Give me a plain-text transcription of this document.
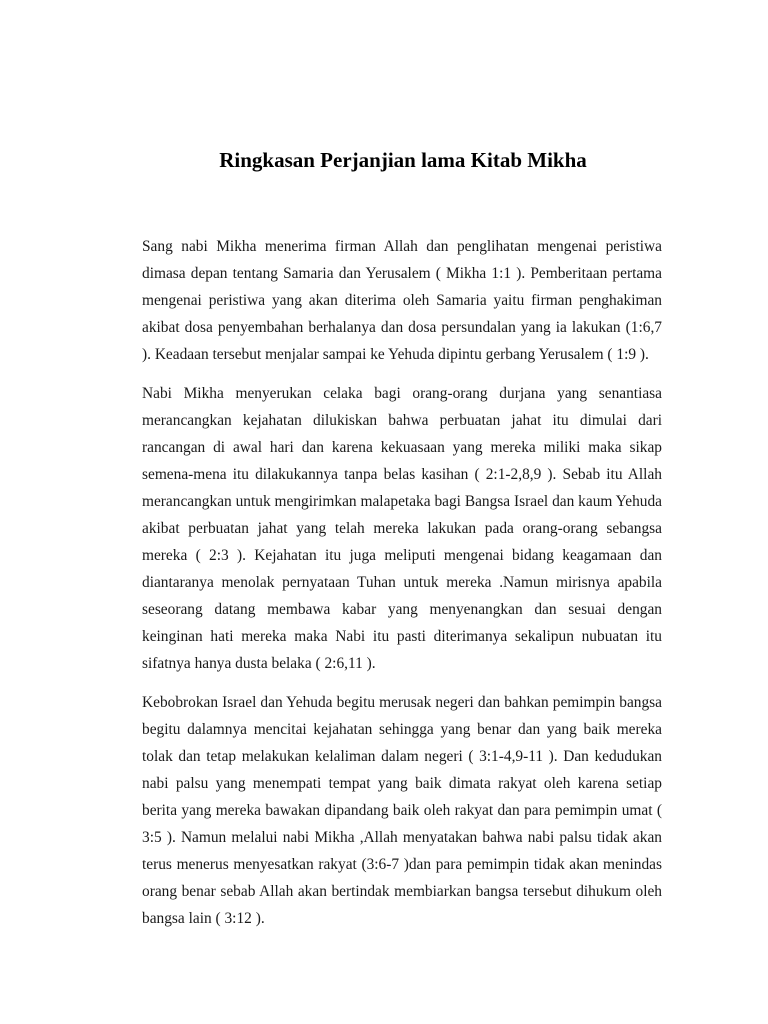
Ringkasan Perjanjian lama Kitab Mikha

Sang nabi Mikha menerima firman Allah dan penglihatan mengenai peristiwa dimasa depan tentang Samaria dan Yerusalem ( Mikha 1:1 ). Pemberitaan pertama mengenai peristiwa yang akan diterima oleh Samaria yaitu firman penghakiman akibat dosa penyembahan berhalanya dan dosa persundalan yang ia lakukan (1:6,7 ). Keadaan tersebut menjalar sampai ke Yehuda dipintu gerbang Yerusalem ( 1:9 ).

Nabi Mikha menyerukan celaka bagi orang-orang durjana yang senantiasa merancangkan kejahatan dilukiskan bahwa perbuatan jahat itu dimulai dari rancangan di awal hari dan karena kekuasaan yang mereka miliki maka sikap semena-mena itu dilakukannya tanpa belas kasihan ( 2:1-2,8,9 ). Sebab itu Allah merancangkan untuk mengirimkan malapetaka bagi Bangsa Israel dan kaum Yehuda akibat perbuatan jahat yang telah mereka lakukan pada orang-orang sebangsa mereka ( 2:3 ). Kejahatan itu juga meliputi mengenai bidang keagamaan dan diantaranya menolak pernyataan Tuhan untuk mereka .Namun mirisnya apabila seseorang datang membawa kabar yang menyenangkan dan sesuai dengan keinginan hati mereka maka Nabi itu pasti diterimanya sekalipun nubuatan itu sifatnya hanya dusta belaka ( 2:6,11 ).

Kebobrokan Israel dan Yehuda begitu merusak negeri dan bahkan pemimpin bangsa begitu dalamnya mencitai kejahatan sehingga yang benar dan yang baik mereka tolak dan tetap melakukan kelaliman dalam negeri ( 3:1-4,9-11 ). Dan kedudukan nabi palsu yang menempati tempat yang baik dimata rakyat oleh karena setiap berita yang mereka bawakan dipandang baik oleh rakyat dan para pemimpin umat ( 3:5 ). Namun melalui nabi Mikha ,Allah menyatakan bahwa nabi palsu tidak akan terus menerus menyesatkan rakyat (3:6-7 )dan para pemimpin tidak akan menindas orang benar sebab Allah akan bertindak membiarkan bangsa tersebut dihukum oleh bangsa lain ( 3:12 ).
